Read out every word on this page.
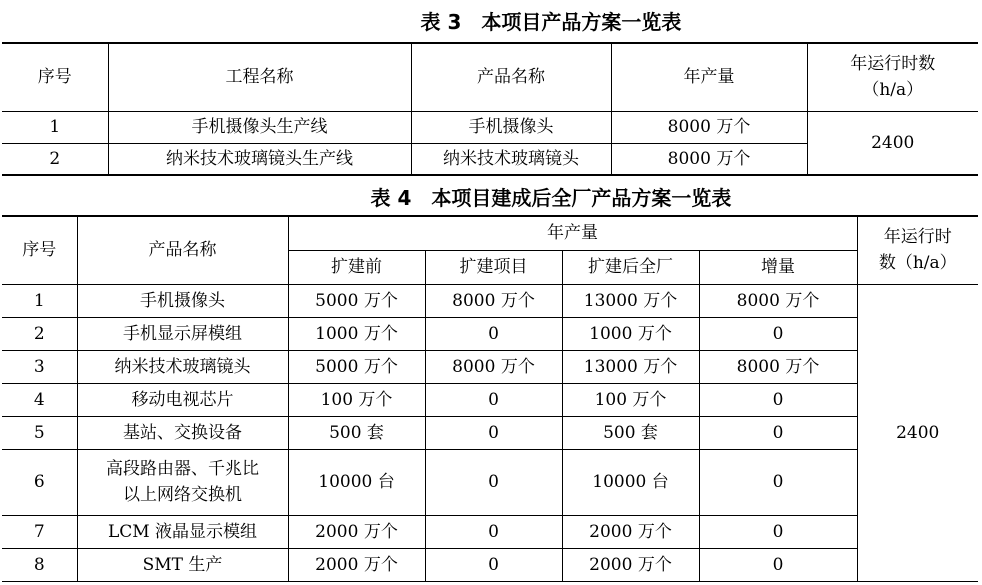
表 3　本项目产品方案一览表
序号	工程名称	产品名称	年产量	年运行时数
（h/a）
1	手机摄像头生产线	手机摄像头	8000 万个	2400
2	纳米技术玻璃镜头生产线	纳米技术玻璃镜头	8000 万个	
表 4　本项目建成后全厂产品方案一览表
序号	产品名称	年产量				年运行时
数（h/a）
		扩建前	扩建项目	扩建后全厂	增量	
1	手机摄像头	5000 万个	8000 万个	13000 万个	8000 万个	2400
2	手机显示屏模组	1000 万个	0	1000 万个	0	
3	纳米技术玻璃镜头	5000 万个	8000 万个	13000 万个	8000 万个	
4	移动电视芯片	100 万个	0	100 万个	0	
5	基站、交换设备	500 套	0	500 套	0	
6	高段路由器、千兆比
以上网络交换机	10000 台	0	10000 台	0	
7	LCM 液晶显示模组	2000 万个	0	2000 万个	0	
8	SMT 生产	2000 万个	0	2000 万个	0	
